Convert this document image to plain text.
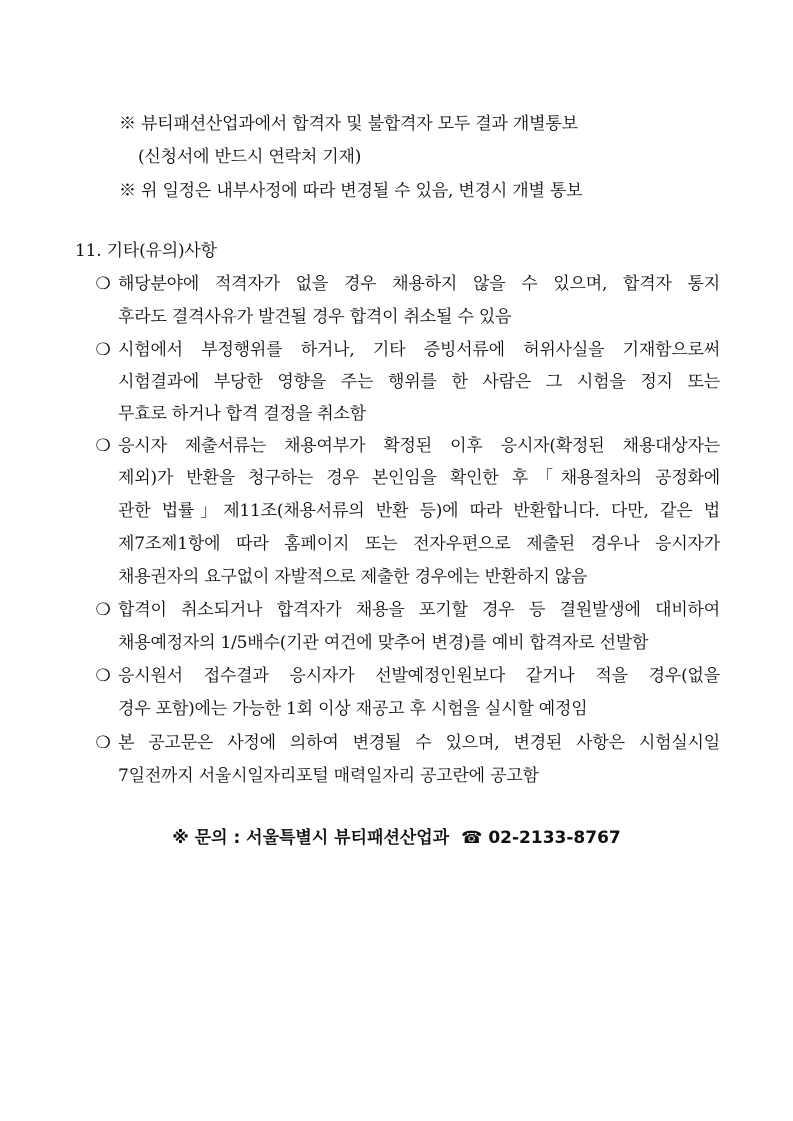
※ 뷰티패션산업과에서 합격자 및 불합격자 모두 결과 개별통보

(신청서에 반드시 연락처 기재)

※ 위 일정은 내부사정에 따라 변경될 수 있음, 변경시 개별 통보

11. 기타(유의)사항

❍ 해당분야에 적격자가 없을 경우 채용하지 않을 수 있으며, 합격자 통지

후라도 결격사유가 발견될 경우 합격이 취소될 수 있음

❍ 시험에서 부정행위를 하거나, 기타 증빙서류에 허위사실을 기재함으로써

시험결과에 부당한 영향을 주는 행위를 한 사람은 그 시험을 정지 또는

무효로 하거나 합격 결정을 취소함

❍ 응시자 제출서류는 채용여부가 확정된 이후 응시자(확정된 채용대상자는

제외)가 반환을 청구하는 경우 본인임을 확인한 후「채용절차의 공정화에

관한 법률」제11조(채용서류의 반환 등)에 따라 반환합니다. 다만, 같은 법

제7조제1항에 따라 홈페이지 또는 전자우편으로 제출된 경우나 응시자가

채용권자의 요구없이 자발적으로 제출한 경우에는 반환하지 않음

❍ 합격이 취소되거나 합격자가 채용을 포기할 경우 등 결원발생에 대비하여

채용예정자의 1/5배수(기관 여건에 맞추어 변경)를 예비 합격자로 선발함

❍ 응시원서 접수결과 응시자가 선발예정인원보다 같거나 적을 경우(없을

경우 포함)에는 가능한 1회 이상 재공고 후 시험을 실시할 예정임

❍ 본 공고문은 사정에 의하여 변경될 수 있으며, 변경된 사항은 시험실시일

7일전까지 서울시일자리포털 매력일자리 공고란에 공고함

※ 문의 : 서울특별시 뷰티패션산업과 ☎ 02-2133-8767
